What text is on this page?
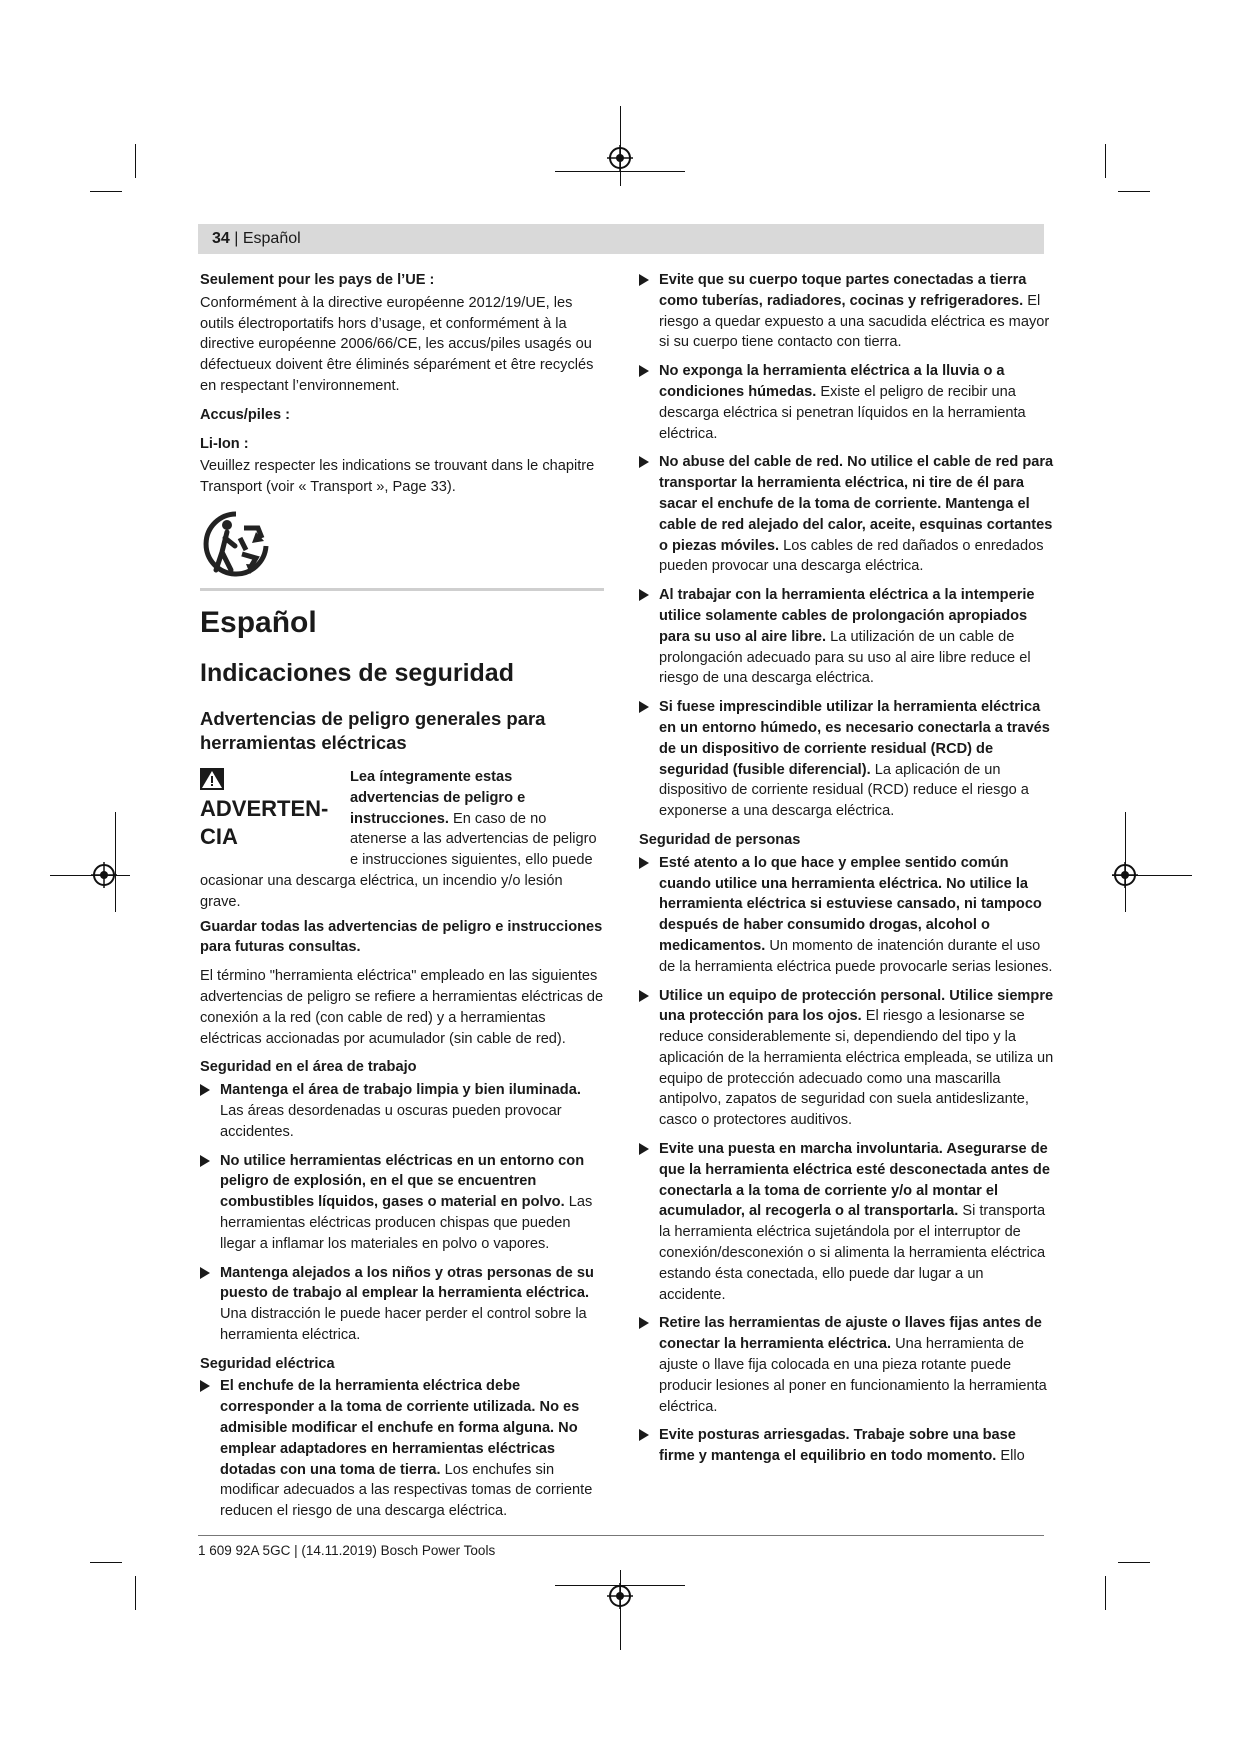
34 | Español

Seulement pour les pays de l’UE :

Conformément à la directive européenne 2012/19/UE, les outils électroportatifs hors d’usage, et conformément à la directive européenne 2006/66/CE, les accus/piles usagés ou défectueux doivent être éliminés séparément et être recyclés en respectant l’environnement.

Accus/piles :

Li-Ion :

Veuillez respecter les indications se trouvant dans le chapitre Transport (voir « Transport », Page 33).

Español
Indicaciones de seguridad
Advertencias de peligro generales para herramientas eléctricas
ADVERTEN-CIA

Lea íntegramente estas advertencias de peligro e instrucciones. En caso de no atenerse a las advertencias de peligro e instrucciones siguientes, ello puede ocasionar una descarga eléctrica, un incendio y/o lesión grave.

Guardar todas las advertencias de peligro e instrucciones para futuras consultas.

El término "herramienta eléctrica" empleado en las siguientes advertencias de peligro se refiere a herramientas eléctricas de conexión a la red (con cable de red) y a herramientas eléctricas accionadas por acumulador (sin cable de red).

Seguridad en el área de trabajo

Mantenga el área de trabajo limpia y bien iluminada. Las áreas desordenadas u oscuras pueden provocar accidentes.
No utilice herramientas eléctricas en un entorno con peligro de explosión, en el que se encuentren combustibles líquidos, gases o material en polvo. Las herramientas eléctricas producen chispas que pueden llegar a inflamar los materiales en polvo o vapores.
Mantenga alejados a los niños y otras personas de su puesto de trabajo al emplear la herramienta eléctrica. Una distracción le puede hacer perder el control sobre la herramienta eléctrica.

Seguridad eléctrica

El enchufe de la herramienta eléctrica debe corresponder a la toma de corriente utilizada. No es admisible modificar el enchufe en forma alguna. No emplear adaptadores en herramientas eléctricas dotadas con una toma de tierra. Los enchufes sin modificar adecuados a las respectivas tomas de corriente reducen el riesgo de una descarga eléctrica.
Evite que su cuerpo toque partes conectadas a tierra como tuberías, radiadores, cocinas y refrigeradores. El riesgo a quedar expuesto a una sacudida eléctrica es mayor si su cuerpo tiene contacto con tierra.
No exponga la herramienta eléctrica a la lluvia o a condiciones húmedas. Existe el peligro de recibir una descarga eléctrica si penetran líquidos en la herramienta eléctrica.
No abuse del cable de red. No utilice el cable de red para transportar la herramienta eléctrica, ni tire de él para sacar el enchufe de la toma de corriente. Mantenga el cable de red alejado del calor, aceite, esquinas cortantes o piezas móviles. Los cables de red dañados o enredados pueden provocar una descarga eléctrica.
Al trabajar con la herramienta eléctrica a la intemperie utilice solamente cables de prolongación apropiados para su uso al aire libre. La utilización de un cable de prolongación adecuado para su uso al aire libre reduce el riesgo de una descarga eléctrica.
Si fuese imprescindible utilizar la herramienta eléctrica en un entorno húmedo, es necesario conectarla a través de un dispositivo de corriente residual (RCD) de seguridad (fusible diferencial). La aplicación de un dispositivo de corriente residual (RCD) reduce el riesgo a exponerse a una descarga eléctrica.

Seguridad de personas

Esté atento a lo que hace y emplee sentido común cuando utilice una herramienta eléctrica. No utilice la herramienta eléctrica si estuviese cansado, ni tampoco después de haber consumido drogas, alcohol o medicamentos. Un momento de inatención durante el uso de la herramienta eléctrica puede provocarle serias lesiones.
Utilice un equipo de protección personal. Utilice siempre una protección para los ojos. El riesgo a lesionarse se reduce considerablemente si, dependiendo del tipo y la aplicación de la herramienta eléctrica empleada, se utiliza un equipo de protección adecuado como una mascarilla antipolvo, zapatos de seguridad con suela antideslizante, casco o protectores auditivos.
Evite una puesta en marcha involuntaria. Asegurarse de que la herramienta eléctrica esté desconectada antes de conectarla a la toma de corriente y/o al montar el acumulador, al recogerla o al transportarla. Si transporta la herramienta eléctrica sujetándola por el interruptor de conexión/desconexión o si alimenta la herramienta eléctrica estando ésta conectada, ello puede dar lugar a un accidente.
Retire las herramientas de ajuste o llaves fijas antes de conectar la herramienta eléctrica. Una herramienta de ajuste o llave fija colocada en una pieza rotante puede producir lesiones al poner en funcionamiento la herramienta eléctrica.
Evite posturas arriesgadas. Trabaje sobre una base firme y mantenga el equilibrio en todo momento. Ello
1 609 92A 5GC | (14.11.2019) Bosch Power Tools
